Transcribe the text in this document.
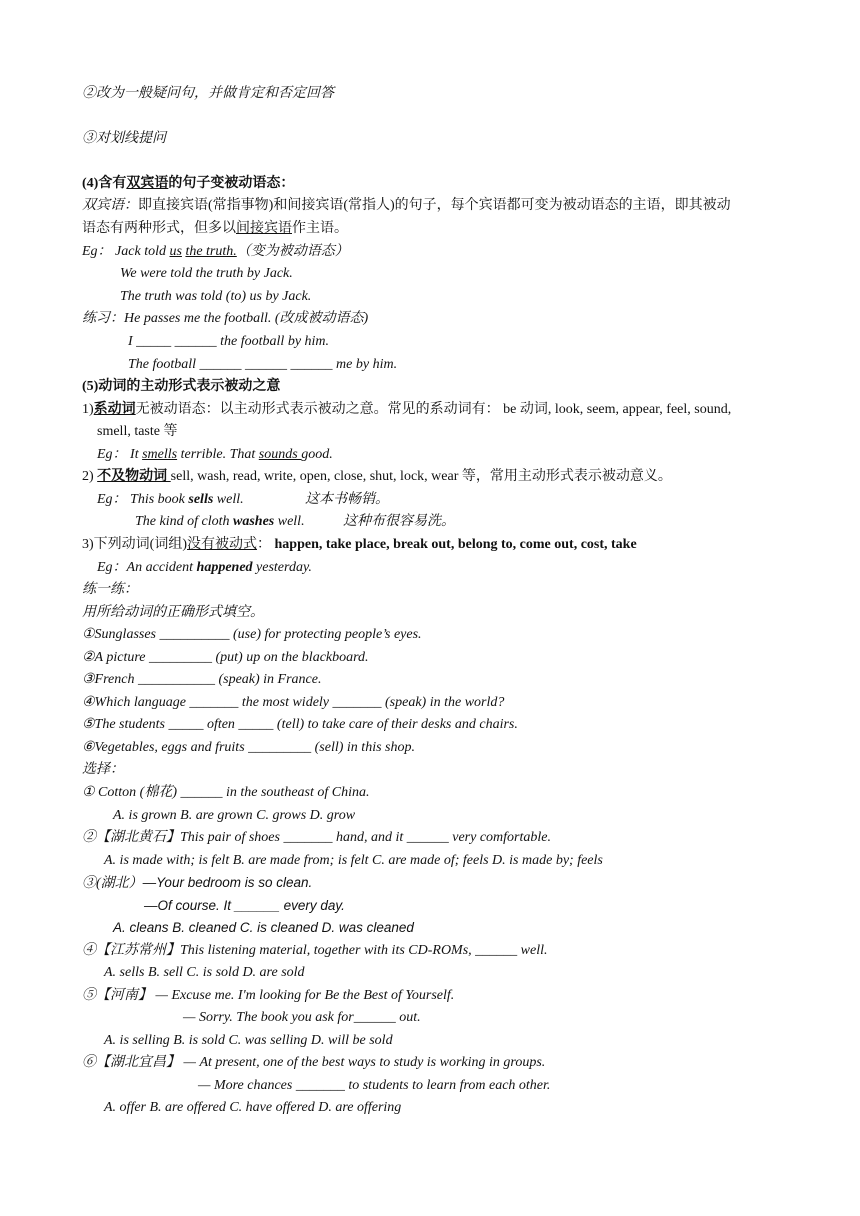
②改为一般疑问句，并做肯定和否定回答
③对划线提问
(4)含有双宾语的句子变被动语态：
双宾语：即直接宾语(常指事物)和间接宾语(常指人)的句子，每个宾语都可变为被动语态的主语，即其被动
语态有两种形式，但多以间接宾语作主语。
Eg： Jack told us the truth.（变为被动语态）
We were told the truth by Jack.
The truth was told (to) us by Jack.
练习：He passes me the football. (改成被动语态)
I _____ ______ the football by him.
The football ______ ______ ______ me by him.
(5)动词的主动形式表示被动之意
1)系动词无被动语态：以主动形式表示被动之意。常见的系动词有： be 动词, look, seem, appear, feel, sound,
smell, taste 等
Eg： It smells terrible. That sounds good.
2) 不及物动词 sell, wash, read, write, open, close, shut, lock, wear 等，常用主动形式表示被动意义。
Eg： This book sells well.	这本书畅销。
The kind of cloth washes well.	这种布很容易洗。
3)下列动词(词组)没有被动式： happen, take place, break out, belong to, come out, cost, take
Eg：An accident happened yesterday.
练一练：
用所给动词的正确形式填空。
①Sunglasses __________ (use) for protecting people’s eyes.
②A picture _________ (put) up on the blackboard.
③French ___________ (speak) in France.
④Which language _______ the most widely _______ (speak) in the world?
⑤The students _____ often _____ (tell) to take care of their desks and chairs.
⑥Vegetables, eggs and fruits _________ (sell) in this shop.
选择：
① Cotton (棉花) ______ in the southeast of China.
A. is grown B. are grown C. grows D. grow
②【湖北黄石】This pair of shoes _______ hand, and it ______ very comfortable.
A. is made with; is felt B. are made from; is felt C. are made of; feels D. is made by; feels
③(湖北）—Your bedroom is so clean.
—Of course. It ______ every day.
A. cleans B. cleaned C. is cleaned D. was cleaned
④【江苏常州】This listening material, together with its CD-ROMs, ______ well.
A. sells B. sell C. is sold D. are sold
⑤【河南】 — Excuse me. I'm looking for Be the Best of Yourself.
— Sorry. The book you ask for______ out.
A. is selling B. is sold C. was selling D. will be sold
⑥【湖北宜昌】 — At present, one of the best ways to study is working in groups.
— More chances _______ to students to learn from each other.
A. offer B. are offered C. have offered D. are offering
